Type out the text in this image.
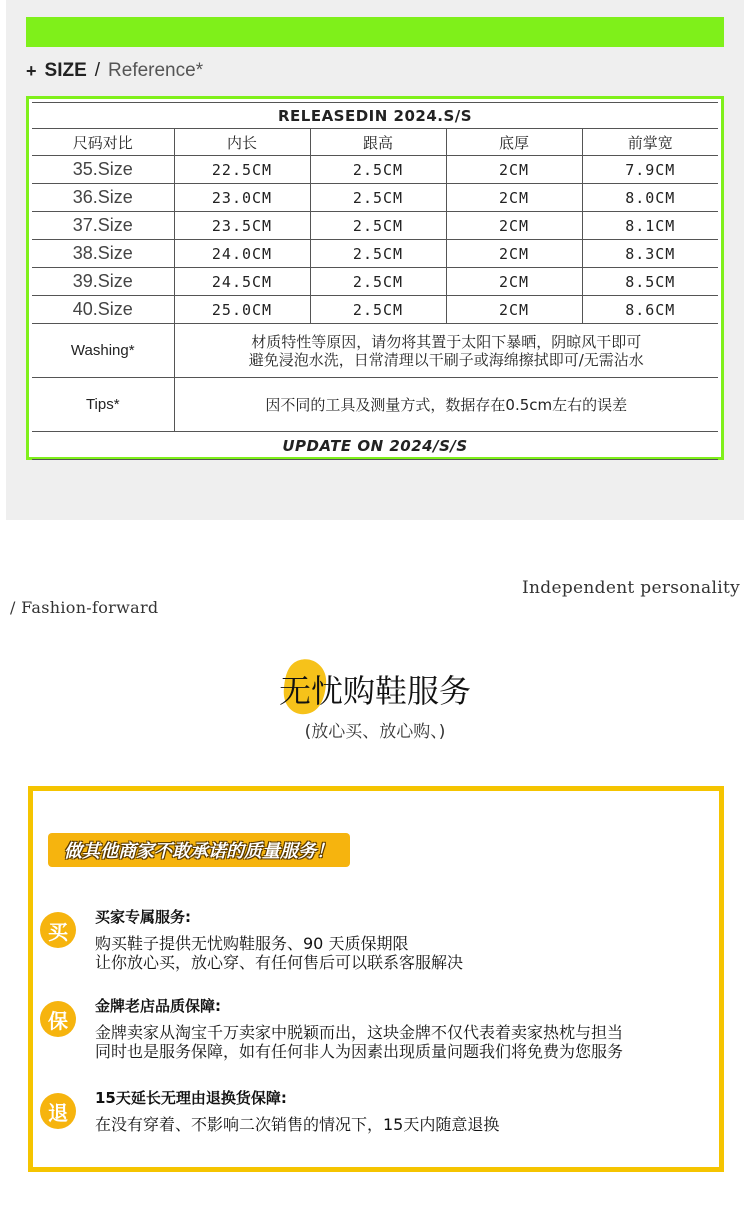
+ SIZE / Reference*
RELEASEDIN 2024.S/S				
尺码对比	内长	跟高	底厚	前掌宽
35.Size	22.5CM	2.5CM	2CM	7.9CM
36.Size	23.0CM	2.5CM	2CM	8.0CM
37.Size	23.5CM	2.5CM	2CM	8.1CM
38.Size	24.0CM	2.5CM	2CM	8.3CM
39.Size	24.5CM	2.5CM	2CM	8.5CM
40.Size	25.0CM	2.5CM	2CM	8.6CM
Washing*	材质特性等原因，请勿将其置于太阳下暴晒，阴晾风干即可
避免浸泡水洗，日常清理以干刷子或海绵擦拭即可/无需沾水			

Tips*	因不同的工具及测量方式，数据存在0.5cm左右的误差			
UPDATE ON 2024/S/S				
Independent personality
/ Fashion-forward
无忧购鞋服务
(放心买、放心购、)
做其他商家不敢承诺的质量服务！
买
买家专属服务:
购买鞋子提供无忧购鞋服务、90 天质保期限
让你放心买，放心穿、有任何售后可以联系客服解决
保
金牌老店品质保障:
金牌卖家从淘宝千万卖家中脱颖而出，这块金牌不仅代表着卖家热枕与担当
同时也是服务保障，如有任何非人为因素出现质量问题我们将免费为您服务
退
15天延长无理由退换货保障:
在没有穿着、不影响二次销售的情况下，15天内随意退换
